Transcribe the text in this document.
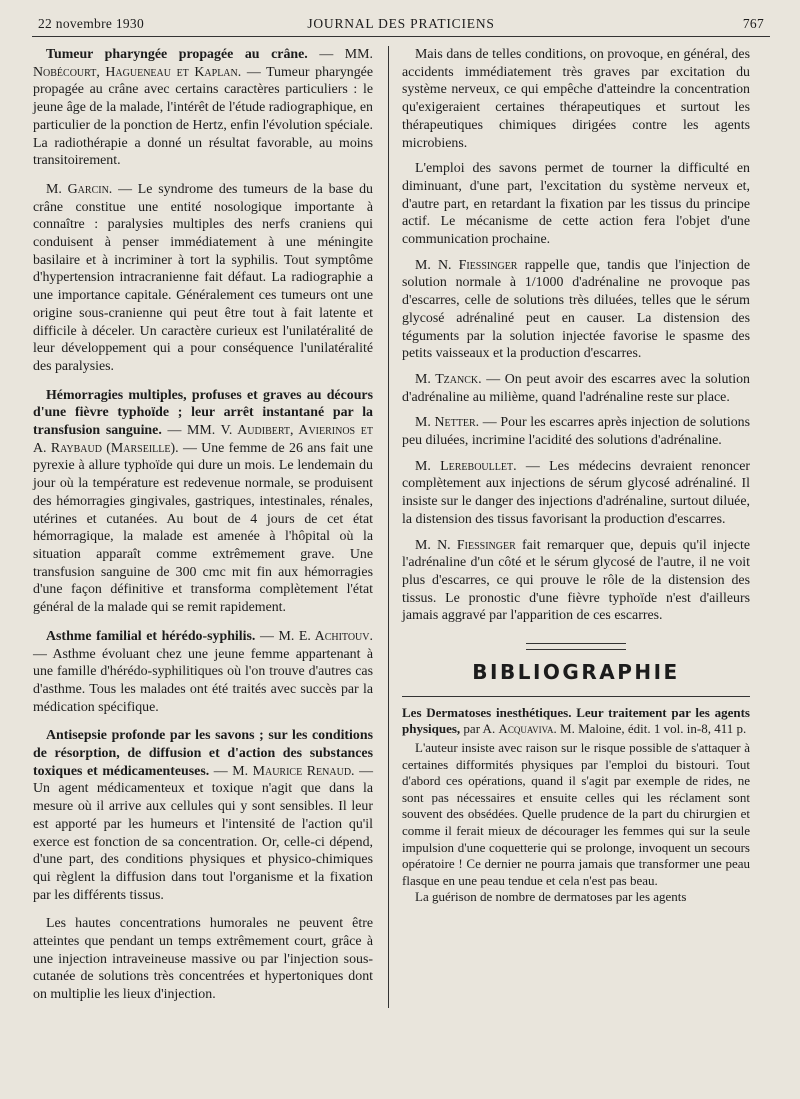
22 novembre 1930	JOURNAL DES PRATICIENS	767

Tumeur pharyngée propagée au crâne. — MM. Nobécourt, Hagueneau et Kaplan. — Tumeur pharyngée propagée au crâne avec certains caractères particuliers : le jeune âge de la malade, l'intérêt de l'étude radiographique, en particulier de la ponction de Hertz, enfin l'évolution spéciale. La radiothérapie a donné un résultat favorable, au moins transitoirement.

M. Garcin. — Le syndrome des tumeurs de la base du crâne constitue une entité nosologique importante à connaître : paralysies multiples des nerfs craniens qui conduisent à penser immédiatement à une méningite basilaire et à incriminer à tort la syphilis. Tout symptôme d'hypertension intracranienne fait défaut. La radiographie a une importance capitale. Généralement ces tumeurs ont une origine sous-cranienne qui peut être tout à fait latente et difficile à déceler. Un caractère curieux est l'unilatéralité de leur développement qui a pour conséquence l'unilatéralité des paralysies.

Hémorragies multiples, profuses et graves au décours d'une fièvre typhoïde ; leur arrêt instantané par la transfusion sanguine. — MM. V. Audibert, Avierinos et A. Raybaud (Marseille). — Une femme de 26 ans fait une pyrexie à allure typhoïde qui dure un mois. Le lendemain du jour où la température est redevenue normale, se produisent des hémorragies gingivales, gastriques, intestinales, rénales, utérines et cutanées. Au bout de 4 jours de cet état hémorragique, la malade est amenée à l'hôpital où la situation apparaît comme extrêmement grave. Une transfusion sanguine de 300 cmc mit fin aux hémorragies d'une façon définitive et transforma complètement l'état général de la malade qui se remit rapidement.

Asthme familial et hérédo-syphilis. — M. E. Achitouv. — Asthme évoluant chez une jeune femme appartenant à une famille d'hérédo-syphilitiques où l'on trouve d'autres cas d'asthme. Tous les malades ont été traités avec succès par la médication spécifique.

Antisepsie profonde par les savons ; sur les conditions de résorption, de diffusion et d'action des substances toxiques et médicamenteuses. — M. Maurice Renaud. — Un agent médicamenteux et toxique n'agit que dans la mesure où il arrive aux cellules qui y sont sensibles. Il leur est apporté par les humeurs et l'intensité de l'action qu'il exerce est fonction de sa concentration. Or, celle-ci dépend, d'une part, des conditions physiques et physico-chimiques qui règlent la diffusion dans tout l'organisme et la fixation par les différents tissus.

Les hautes concentrations humorales ne peuvent être atteintes que pendant un temps extrêmement court, grâce à une injection intraveineuse massive ou par l'injection sous-cutanée de solutions très concentrées et hypertoniques dont on multiplie les lieux d'injection.

Mais dans de telles conditions, on provoque, en général, des accidents immédiatement très graves par excitation du système nerveux, ce qui empêche d'atteindre la concentration qu'exigeraient certaines thérapeutiques et surtout les thérapeutiques chimiques dirigées contre les agents microbiens.

L'emploi des savons permet de tourner la difficulté en diminuant, d'une part, l'excitation du système nerveux et, d'autre part, en retardant la fixation par les tissus du principe actif. Le mécanisme de cette action fera l'objet d'une communication prochaine.

M. N. Fiessinger rappelle que, tandis que l'injection de solution normale à 1/1000 d'adrénaline ne provoque pas d'escarres, celle de solutions très diluées, telles que le sérum glycosé adrénaliné peut en causer. La distension des téguments par la solution injectée favorise le spasme des petits vaisseaux et la production d'escarres.

M. Tzanck. — On peut avoir des escarres avec la solution d'adrénaline au milième, quand l'adrénaline reste sur place.

M. Netter. — Pour les escarres après injection de solutions peu diluées, incrimine l'acidité des solutions d'adrénaline.

M. Lereboullet. — Les médecins devraient renoncer complètement aux injections de sérum glycosé adrénaliné. Il insiste sur le danger des injections d'adrénaline, surtout diluée, la distension des tissus favorisant la production d'escarres.

M. N. Fiessinger fait remarquer que, depuis qu'il injecte l'adrénaline d'un côté et le sérum glycosé de l'autre, il ne voit plus d'escarres, ce qui prouve le rôle de la distension des tissus. Le pronostic d'une fièvre typhoïde n'est d'ailleurs jamais aggravé par l'apparition de ces escarres.

BIBLIOGRAPHIE

Les Dermatoses inesthétiques. Leur traitement par les agents physiques, par A. Acquaviva. M. Maloine, édit. 1 vol. in-8, 411 p.

L'auteur insiste avec raison sur le risque possible de s'attaquer à certaines difformités physiques par l'emploi du bistouri. Tout d'abord ces opérations, quand il s'agit par exemple de rides, ne sont pas nécessaires et ensuite celles qui les réclament sont souvent des obsédées. Quelle prudence de la part du chirurgien et comme il ferait mieux de décourager les femmes qui sur la seule impulsion d'une coquetterie qui se prolonge, invoquent un secours opératoire ! Ce dernier ne pourra jamais que transformer une peau flasque en une peau tendue et cela n'est pas beau.

La guérison de nombre de dermatoses par les agents
